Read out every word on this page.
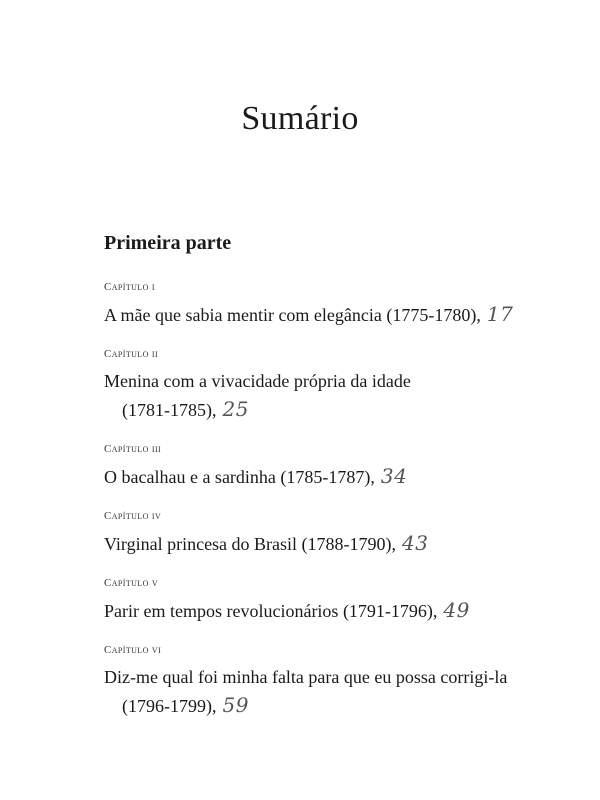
Sumário
Primeira parte
Capítulo i
A mãe que sabia mentir com elegância (1775-1780), 17
Capítulo ii
Menina com a vivacidade própria da idade (1781-1785), 25
Capítulo iii
O bacalhau e a sardinha (1785-1787), 34
Capítulo iv
Virginal princesa do Brasil (1788-1790), 43
Capítulo v
Parir em tempos revolucionários (1791-1796), 49
Capítulo vi
Diz-me qual foi minha falta para que eu possa corrigi-la (1796-1799), 59
